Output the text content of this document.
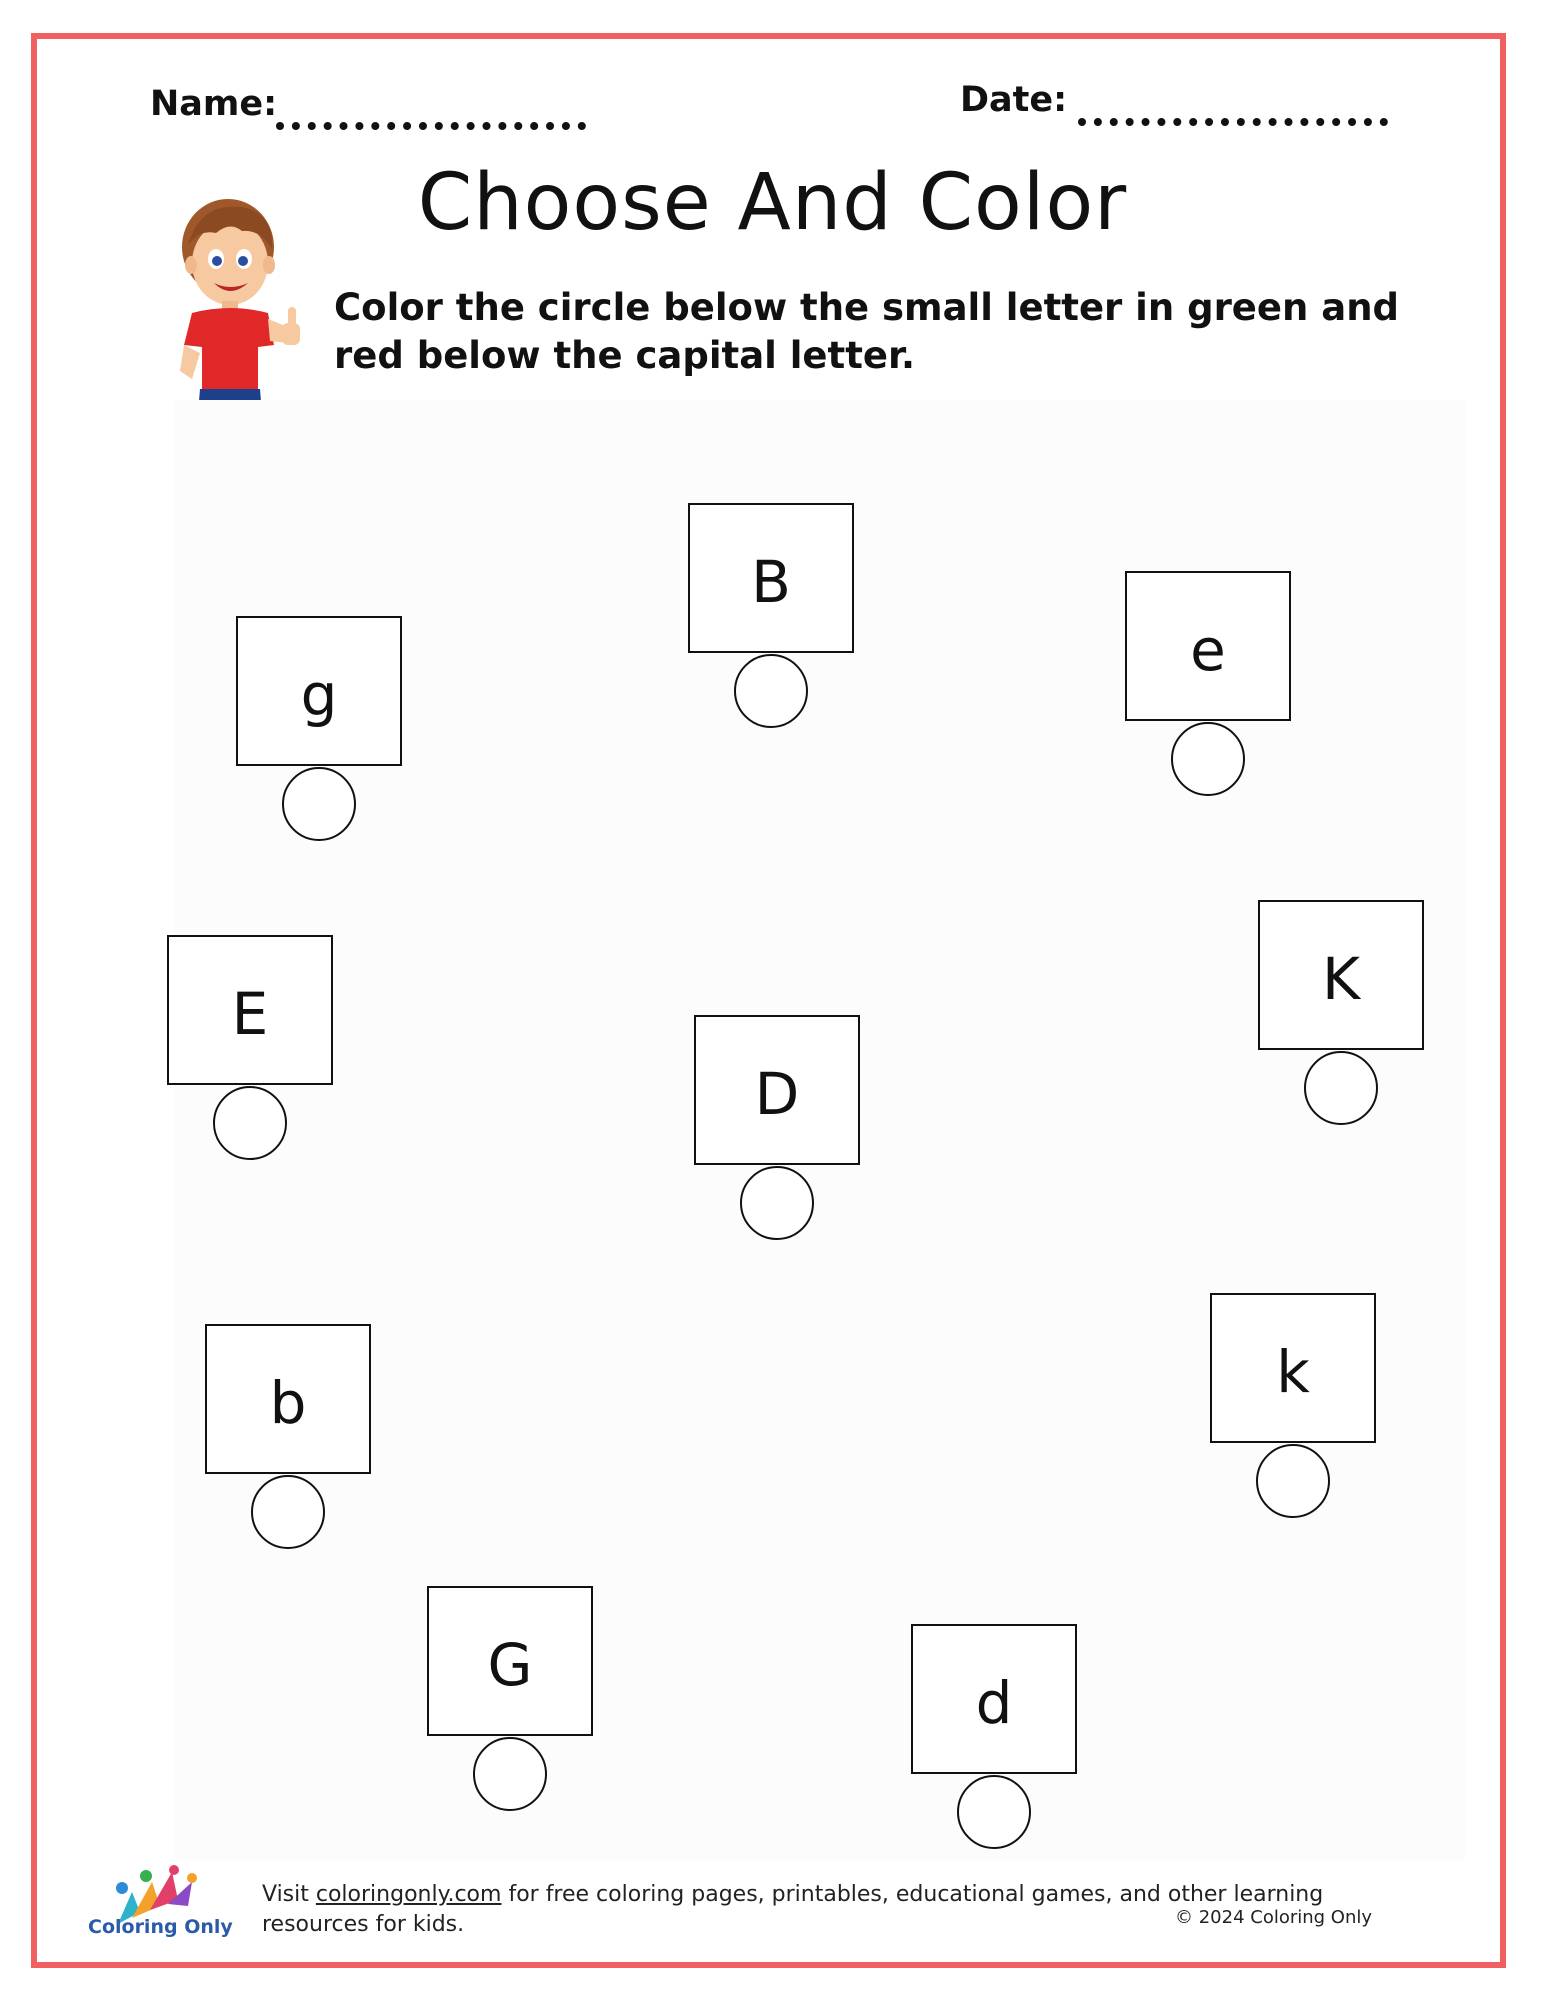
Name:	Date:
Choose And Color
Color the circle below the small letter in green and red below the capital letter.
g
B
e
E
D
K
b	k
G
d
Coloring Only
Visit coloringonly.com for free coloring pages, printables, educational games, and other learning resources for kids.	© 2024 Coloring Only
